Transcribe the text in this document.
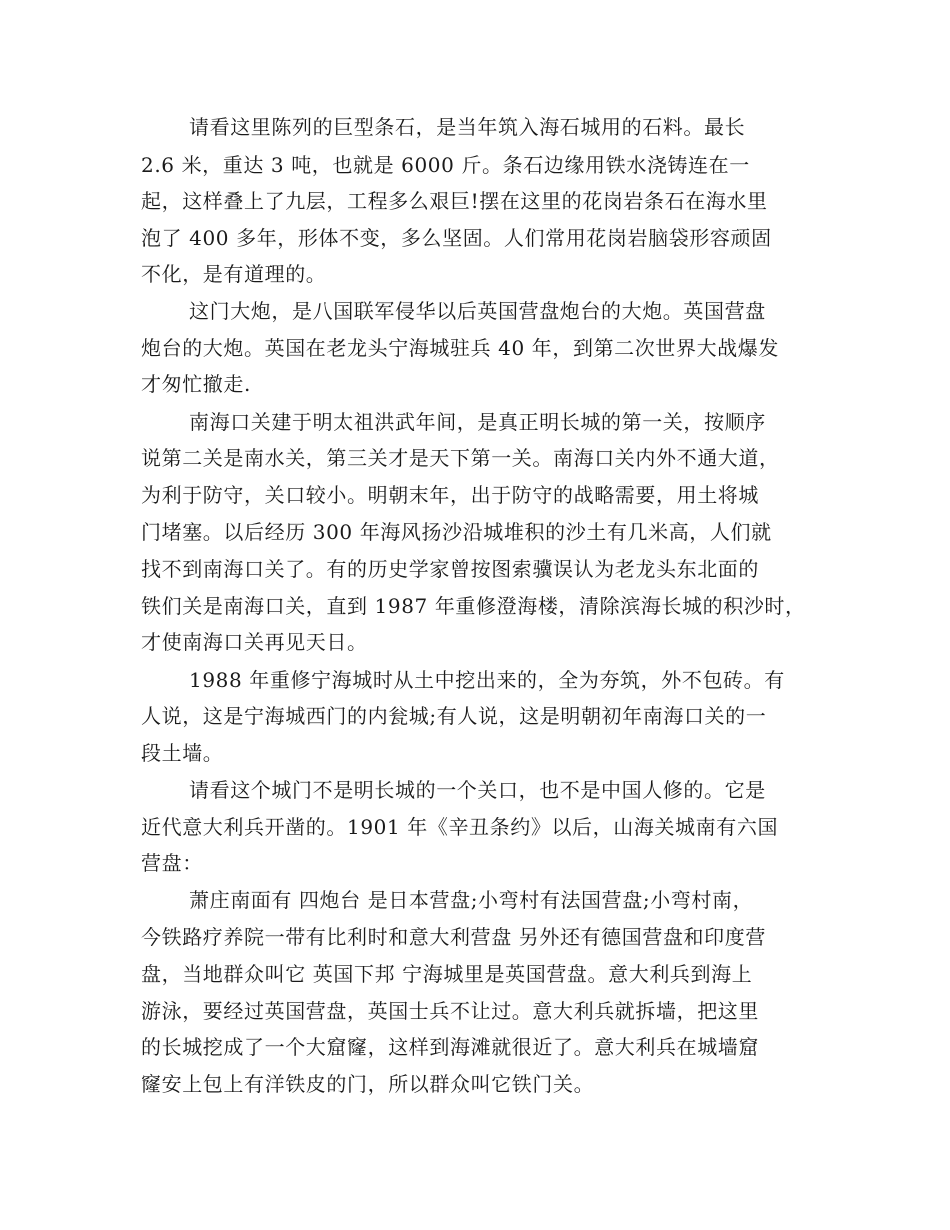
请看这里陈列的巨型条石，是当年筑入海石城用的石料。最长
2.6 米，重达 3 吨，也就是 6000 斤。条石边缘用铁水浇铸连在一
起，这样叠上了九层，工程多么艰巨!摆在这里的花岗岩条石在海水里
泡了 400 多年，形体不变，多么坚固。人们常用花岗岩脑袋形容顽固
不化，是有道理的。
这门大炮，是八国联军侵华以后英国营盘炮台的大炮。英国营盘
炮台的大炮。英国在老龙头宁海城驻兵 40 年，到第二次世界大战爆发
才匆忙撤走.
南海口关建于明太祖洪武年间，是真正明长城的第一关，按顺序
说第二关是南水关，第三关才是天下第一关。南海口关内外不通大道，
为利于防守，关口较小。明朝末年，出于防守的战略需要，用土将城
门堵塞。以后经历 300 年海风扬沙沿城堆积的沙土有几米高，人们就
找不到南海口关了。有的历史学家曾按图索骥误认为老龙头东北面的
铁们关是南海口关，直到 1987 年重修澄海楼，清除滨海长城的积沙时，
才使南海口关再见天日。
1988 年重修宁海城时从土中挖出来的，全为夯筑，外不包砖。有
人说，这是宁海城西门的内瓮城;有人说，这是明朝初年南海口关的一
段土墙。
请看这个城门不是明长城的一个关口，也不是中国人修的。它是
近代意大利兵开凿的。1901 年《辛丑条约》以后，山海关城南有六国
营盘：
萧庄南面有 四炮台 是日本营盘;小弯村有法国营盘;小弯村南，
今铁路疗养院一带有比利时和意大利营盘 另外还有德国营盘和印度营
盘，当地群众叫它 英国下邦 宁海城里是英国营盘。意大利兵到海上
游泳，要经过英国营盘，英国士兵不让过。意大利兵就拆墙，把这里
的长城挖成了一个大窟窿，这样到海滩就很近了。意大利兵在城墙窟
窿安上包上有洋铁皮的门，所以群众叫它铁门关。
